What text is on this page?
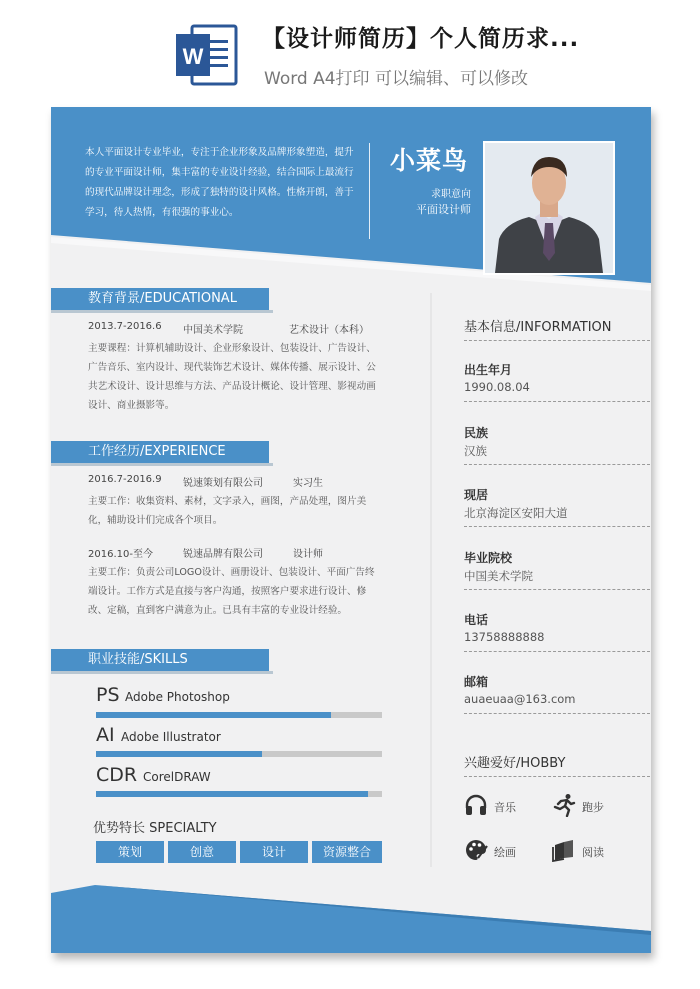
W
【设计师简历】个人简历求...
Word A4打印 可以编辑、可以修改
本人平面设计专业毕业，专注于企业形象及品牌形象塑造，提升的专业平面设计师，集丰富的专业设计经验，结合国际上最流行的现代品牌设计理念，形成了独特的设计风格。性格开朗，善于学习，待人热情，有很强的事业心。
小菜鸟
求职意向
平面设计师
教育背景/EDUCATIONAL
2013.7-2016.6 中国美术学院	艺术设计（本科）
主要课程：计算机辅助设计、企业形象设计、包装设计、广告设计、广告音乐、室内设计、现代装饰艺术设计、媒体传播、展示设计、公共艺术设计、设计思维与方法、产品设计概论、设计管理、影视动画设计、商业摄影等。
工作经历/EXPERIENCE
2016.7-2016.9 锐速策划有限公司	实习生
主要工作：收集资料、素材，文字录入，画图，产品处理，图片美化，辅助设计们完成各个项目。
2016.10-至今	锐速品牌有限公司	设计师
主要工作：负责公司LOGO设计、画册设计、包装设计、平面广告终端设计。工作方式是直接与客户沟通，按照客户要求进行设计、修改、定稿，直到客户满意为止。已具有丰富的专业设计经验。
职业技能/SKILLS
PS Adobe Photoshop
AI Adobe Illustrator
CDR CorelDRAW
优势特长 SPECIALTY
策划	创意	设计	资源整合
基本信息/INFORMATION
出生年月
1990.08.04
民族
汉族
现居
北京海淀区安阳大道
毕业院校
中国美术学院
电话
13758888888
邮箱
auaeuaa@163.com
兴趣爱好/HOBBY
音乐	跑步
绘画	阅读
